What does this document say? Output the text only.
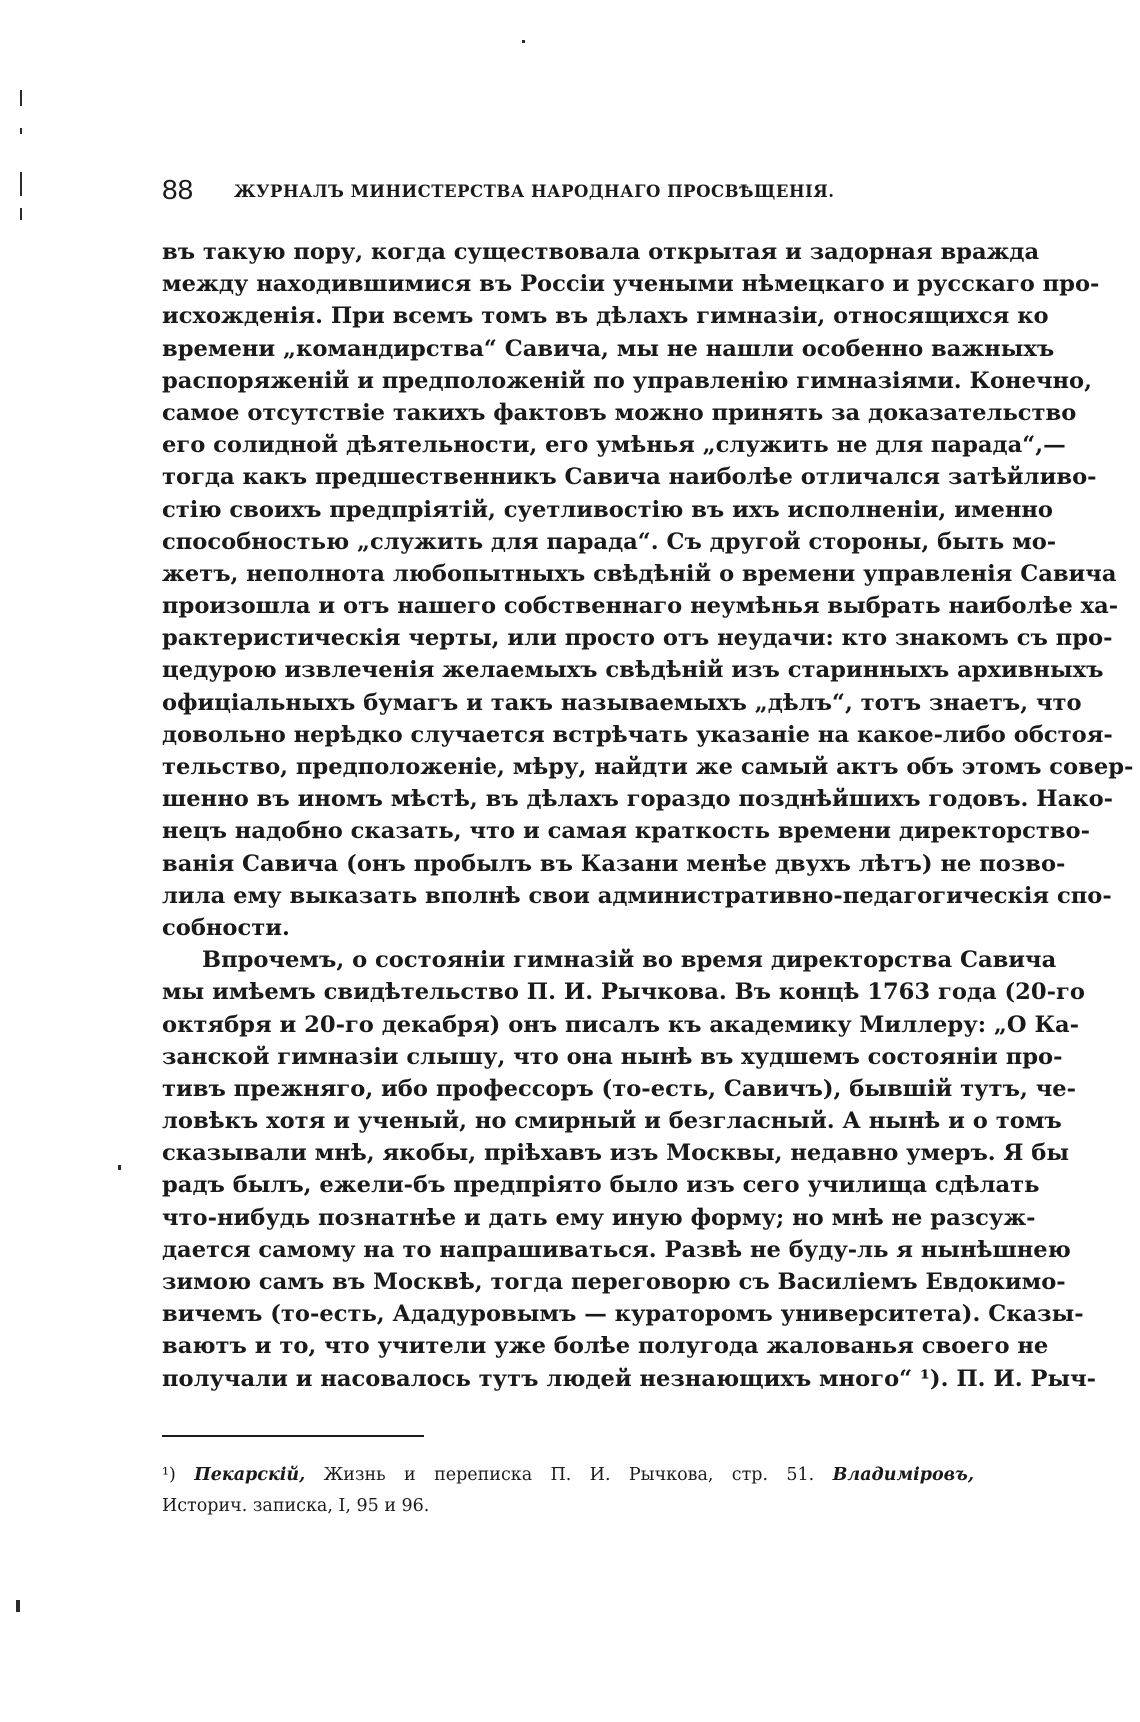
88 ЖУРНАЛЪ МИНИСТЕРСТВА НАРОДНАГО ПРОСВѢЩЕНІЯ.
въ такую пору, когда существовала открытая и задорная вражда
между находившимися въ Россіи учеными нѣмецкаго и русскаго про-
исхожденія. При всемъ томъ въ дѣлахъ гимназіи, относящихся ко
времени „командирства“ Савича, мы не нашли особенно важныхъ
распоряженій и предположеній по управленію гимназіями. Конечно,
самое отсутствіе такихъ фактовъ можно принять за доказательство
его солидной дѣятельности, его умѣнья „служить не для парада“,—
тогда какъ предшественникъ Савича наиболѣе отличался затѣйливо-
стію своихъ предпріятій, суетливостію въ ихъ исполненіи, именно
способностью „служить для парада“. Съ другой стороны, быть мо-
жетъ, неполнота любопытныхъ свѣдѣній о времени управленія Савича
произошла и отъ нашего собственнаго неумѣнья выбрать наиболѣе ха-
рактеристическія черты, или просто отъ неудачи: кто знакомъ съ про-
цедурою извлеченія желаемыхъ свѣдѣній изъ старинныхъ архивныхъ
офиціальныхъ бумагъ и такъ называемыхъ „дѣлъ“, тотъ знаетъ, что
довольно нерѣдко случается встрѣчать указаніе на какое-либо обстоя-
тельство, предположеніе, мѣру, найдти же самый актъ объ этомъ совер-
шенно въ иномъ мѣстѣ, въ дѣлахъ гораздо позднѣйшихъ годовъ. Нако-
нецъ надобно сказать, что и самая краткость времени директорство-
ванія Савича (онъ пробылъ въ Казани менѣе двухъ лѣтъ) не позво-
лила ему выказать вполнѣ свои административно-педагогическія спо-
собности.
Впрочемъ, о состояніи гимназій во время директорства Савича
мы имѣемъ свидѣтельство П. И. Рычкова. Въ концѣ 1763 года (20-го
октября и 20-го декабря) онъ писалъ къ академику Миллеру: „О Ка-
занской гимназіи слышу, что она нынѣ въ худшемъ состояніи про-
тивъ прежняго, ибо профессоръ (то-есть, Савичъ), бывшій тутъ, че-
ловѣкъ хотя и ученый, но смирный и безгласный. А нынѣ и о томъ
сказывали мнѣ, якобы, пріѣхавъ изъ Москвы, недавно умеръ. Я бы
радъ былъ, ежели-бъ предпріято было изъ сего училища сдѣлать
что-нибудь познатнѣе и дать ему иную форму; но мнѣ не разсуж-
дается самому на то напрашиваться. Развѣ не буду-ль я нынѣшнею
зимою самъ въ Москвѣ, тогда переговорю съ Василіемъ Евдокимо-
вичемъ (то-есть, Ададуровымъ — кураторомъ университета). Сказы-
ваютъ и то, что учители уже болѣе полугода жалованья своего не
получали и насовалось тутъ людей незнающихъ много“ ¹). П. И. Рыч-
¹) Пекарскій, Жизнь и переписка П. И. Рычкова, стр. 51. Владиміровъ,
Историч. записка, I, 95 и 96.
